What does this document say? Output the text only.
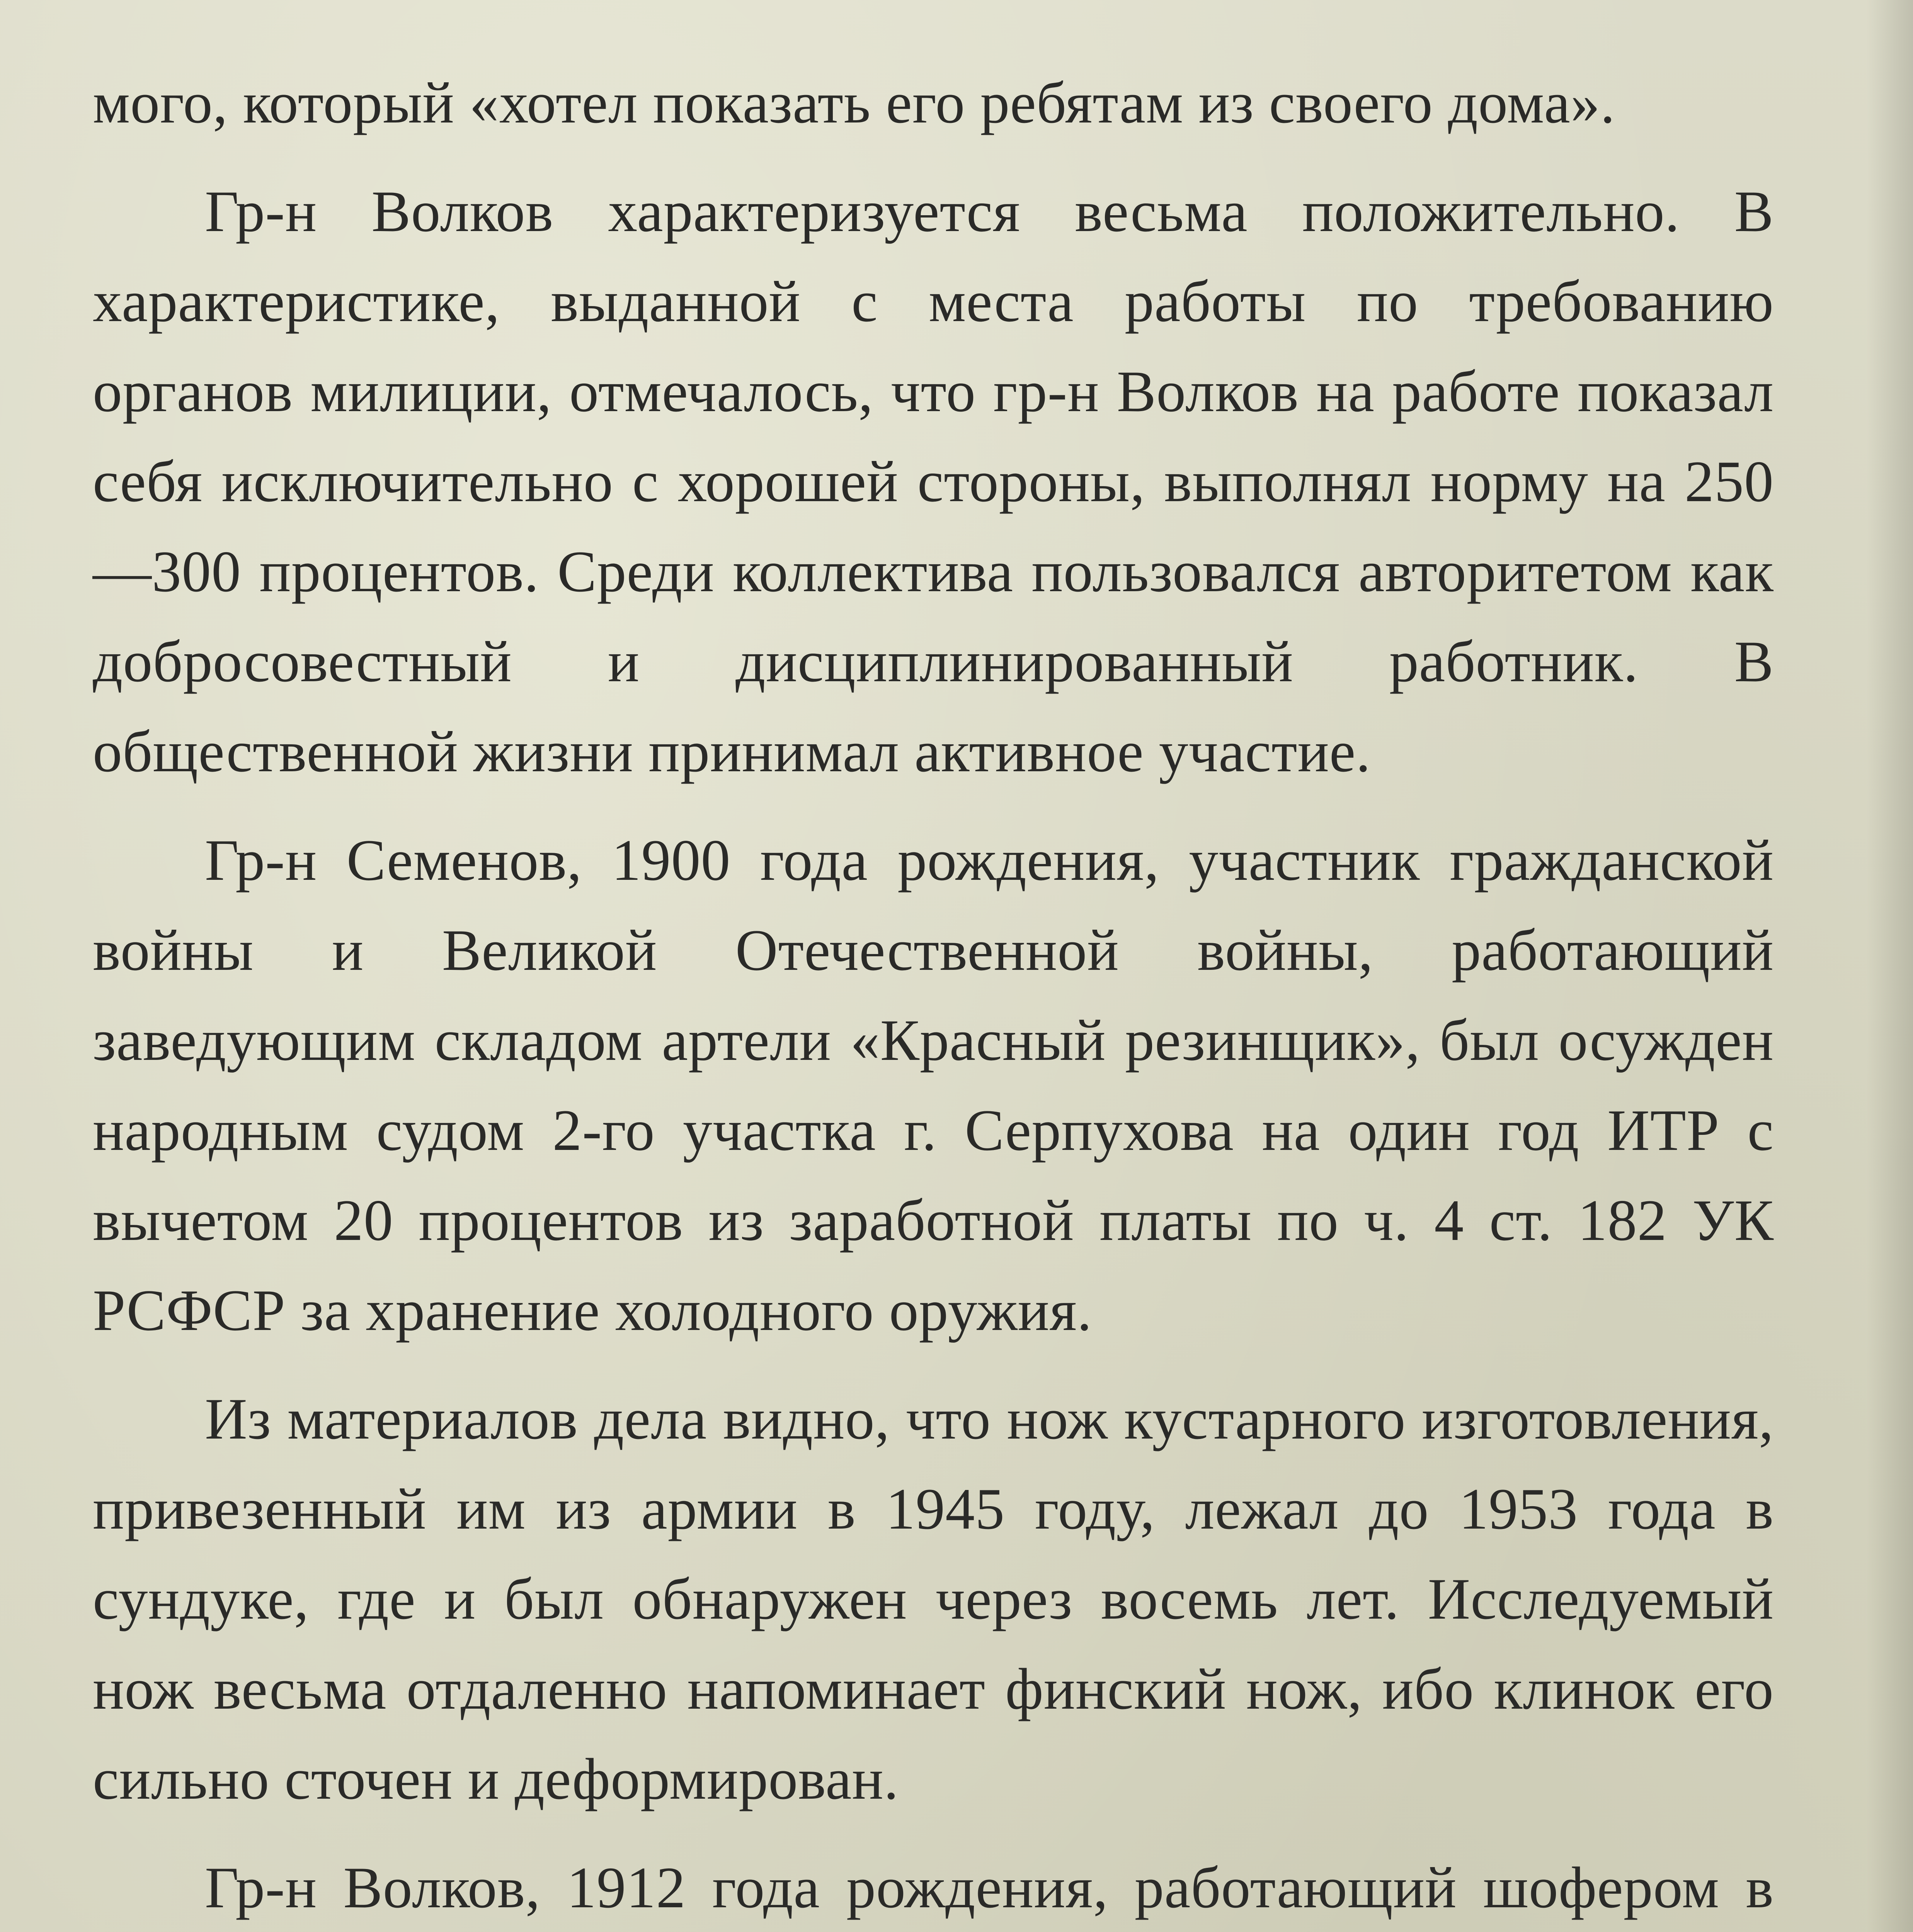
мого, который «хотел показать его ребятам из своего дома».

Гр-н Волков характеризуется весьма положительно. В характеристике, выданной с места работы по требованию органов милиции, отмечалось, что гр-н Волков на работе показал себя исключительно с хорошей стороны, выполнял норму на 250—300 процентов. Среди коллектива пользовался авторитетом как добросовестный и дисциплинированный работник. В общественной жизни принимал активное участие.

Гр-н Семенов, 1900 года рождения, участник гражданской войны и Великой Отечественной войны, работающий заведующим складом артели «Красный резинщик», был осужден народным судом 2-го участка г. Серпухова на один год ИТР с вычетом 20 процентов из заработной платы по ч. 4 ст. 182 УК РСФСР за хранение холодного оружия.

Из материалов дела видно, что нож кустарного изготовления, привезенный им из армии в 1945 году, лежал до 1953 года в сундуке, где и был обнаружен через восемь лет. Исследуемый нож весьма отдаленно напоминает финский нож, ибо клинок его сильно сточен и деформирован.

Гр-н Волков, 1912 года рождения, работающий шофером в
